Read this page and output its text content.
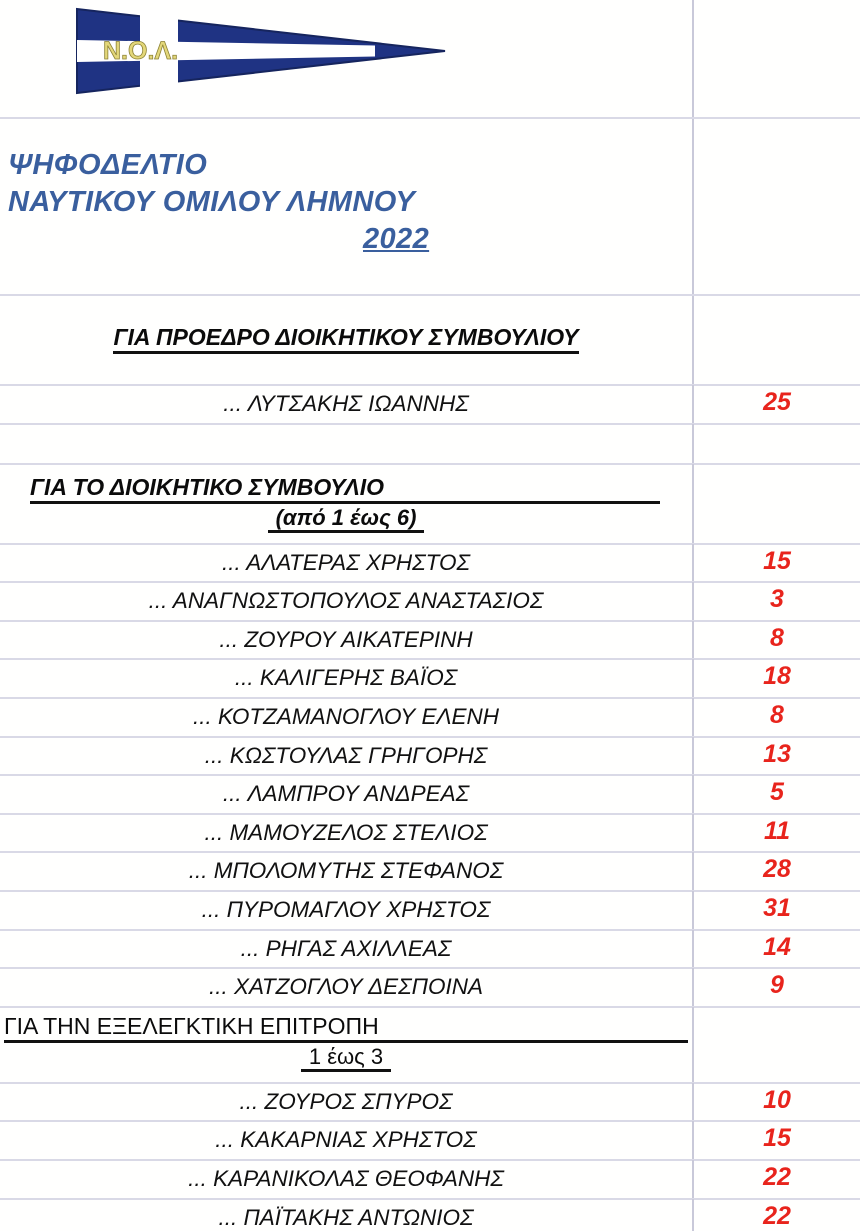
N.O.Λ.
ΨΗΦΟΔΕΛΤΙΟ
ΝΑΥΤΙΚΟΥ ΟΜΙΛΟΥ ΛΗΜΝΟΥ
2022
ΓΙΑ ΠΡΟΕΔΡΟ ΔΙΟΙΚΗΤΙΚΟΥ ΣΥΜΒΟΥΛΙΟΥ
... ΛΥΤΣΑΚΗΣ ΙΩΑΝΝΗΣ	25
ΓΙΑ ΤΟ ΔΙΟΙΚΗΤΙΚΟ ΣΥΜΒΟΥΛΙΟ
(από 1 έως 6)
... ΑΛΑΤΕΡΑΣ ΧΡΗΣΤΟΣ	15
... ΑΝΑΓΝΩΣΤΟΠΟΥΛΟΣ ΑΝΑΣΤΑΣΙΟΣ	3
... ΖΟΥΡΟΥ ΑΙΚΑΤΕΡΙΝΗ	8
... ΚΑΛΙΓΕΡΗΣ ΒΑΪΟΣ	18
... ΚΟΤΖΑΜΑΝΟΓΛΟΥ ΕΛΕΝΗ	8
... ΚΩΣΤΟΥΛΑΣ ΓΡΗΓΟΡΗΣ	13
... ΛΑΜΠΡΟΥ ΑΝΔΡΕΑΣ	5
... ΜΑΜΟΥΖΕΛΟΣ ΣΤΕΛΙΟΣ	11
... ΜΠΟΛΟΜΥΤΗΣ ΣΤΕΦΑΝΟΣ	28
... ΠΥΡΟΜΑΓΛΟΥ ΧΡΗΣΤΟΣ	31
... ΡΗΓΑΣ ΑΧΙΛΛΕΑΣ	14
... ΧΑΤΖΟΓΛΟΥ ΔΕΣΠΟΙΝΑ	9
ΓΙΑ ΤΗΝ ΕΞΕΛΕΓΚΤΙΚΗ ΕΠΙΤΡΟΠΗ
1 έως 3
... ΖΟΥΡΟΣ ΣΠΥΡΟΣ	10
... ΚΑΚΑΡΝΙΑΣ ΧΡΗΣΤΟΣ	15
... ΚΑΡΑΝΙΚΟΛΑΣ ΘΕΟΦΑΝΗΣ	22
... ΠΑΪΤΑΚΗΣ ΑΝΤΩΝΙΟΣ	22
